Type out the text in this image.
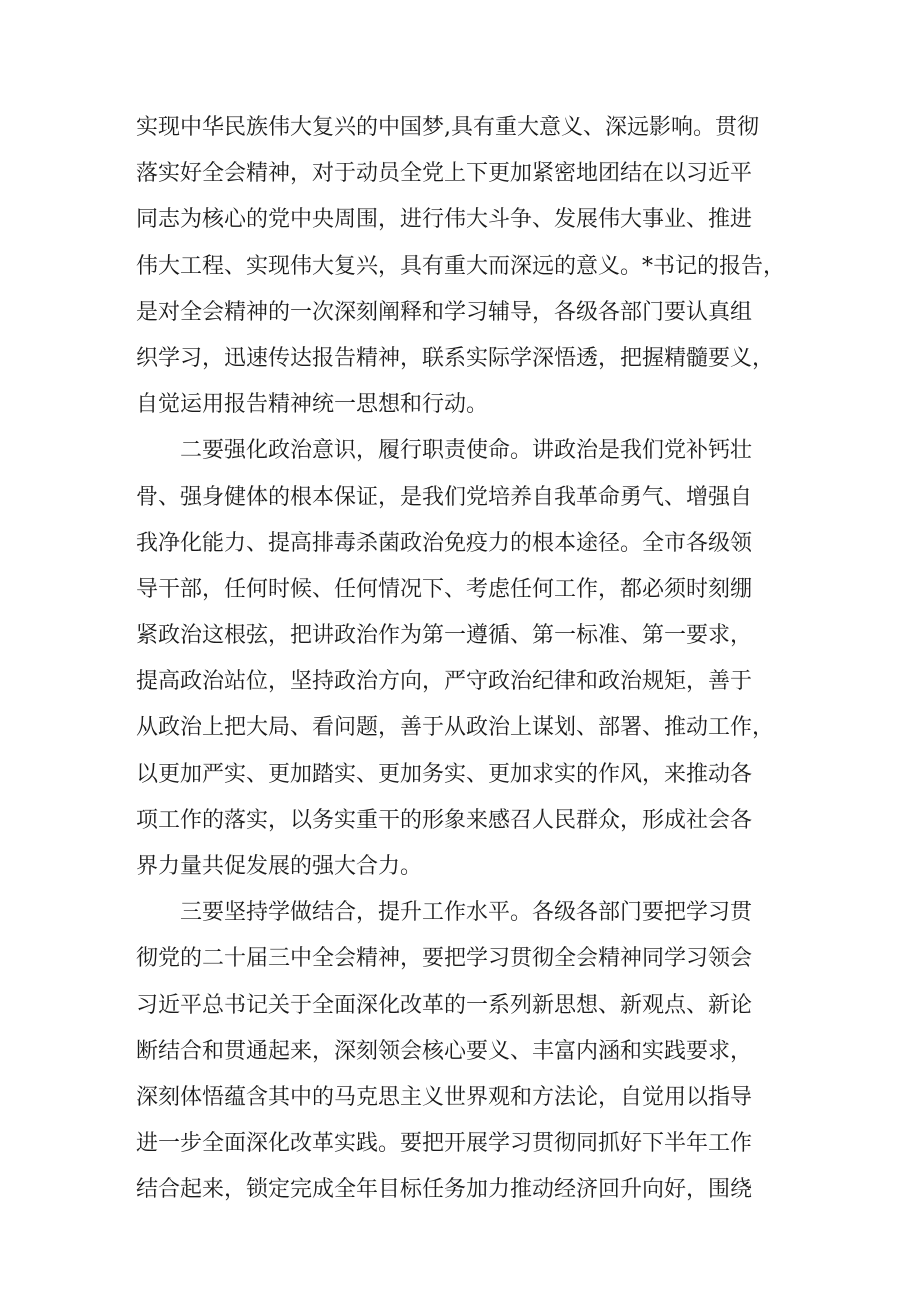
实现中华民族伟大复兴的中国梦,具有重大意义、深远影响。贯彻
落实好全会精神，对于动员全党上下更加紧密地团结在以习近平
同志为核心的党中央周围，进行伟大斗争、发展伟大事业、推进
伟大工程、实现伟大复兴，具有重大而深远的意义。*书记的报告，
是对全会精神的一次深刻阐释和学习辅导，各级各部门要认真组
织学习，迅速传达报告精神，联系实际学深悟透，把握精髓要义，
自觉运用报告精神统一思想和行动。
　　二要强化政治意识，履行职责使命。讲政治是我们党补钙壮
骨、强身健体的根本保证，是我们党培养自我革命勇气、增强自
我净化能力、提高排毒杀菌政治免疫力的根本途径。全市各级领
导干部，任何时候、任何情况下、考虑任何工作，都必须时刻绷
紧政治这根弦，把讲政治作为第一遵循、第一标准、第一要求，
提高政治站位，坚持政治方向，严守政治纪律和政治规矩，善于
从政治上把大局、看问题，善于从政治上谋划、部署、推动工作，
以更加严实、更加踏实、更加务实、更加求实的作风，来推动各
项工作的落实，以务实重干的形象来感召人民群众，形成社会各
界力量共促发展的强大合力。
　　三要坚持学做结合，提升工作水平。各级各部门要把学习贯
彻党的二十届三中全会精神，要把学习贯彻全会精神同学习领会
习近平总书记关于全面深化改革的一系列新思想、新观点、新论
断结合和贯通起来，深刻领会核心要义、丰富内涵和实践要求，
深刻体悟蕴含其中的马克思主义世界观和方法论，自觉用以指导
进一步全面深化改革实践。要把开展学习贯彻同抓好下半年工作
结合起来，锁定完成全年目标任务加力推动经济回升向好，围绕
